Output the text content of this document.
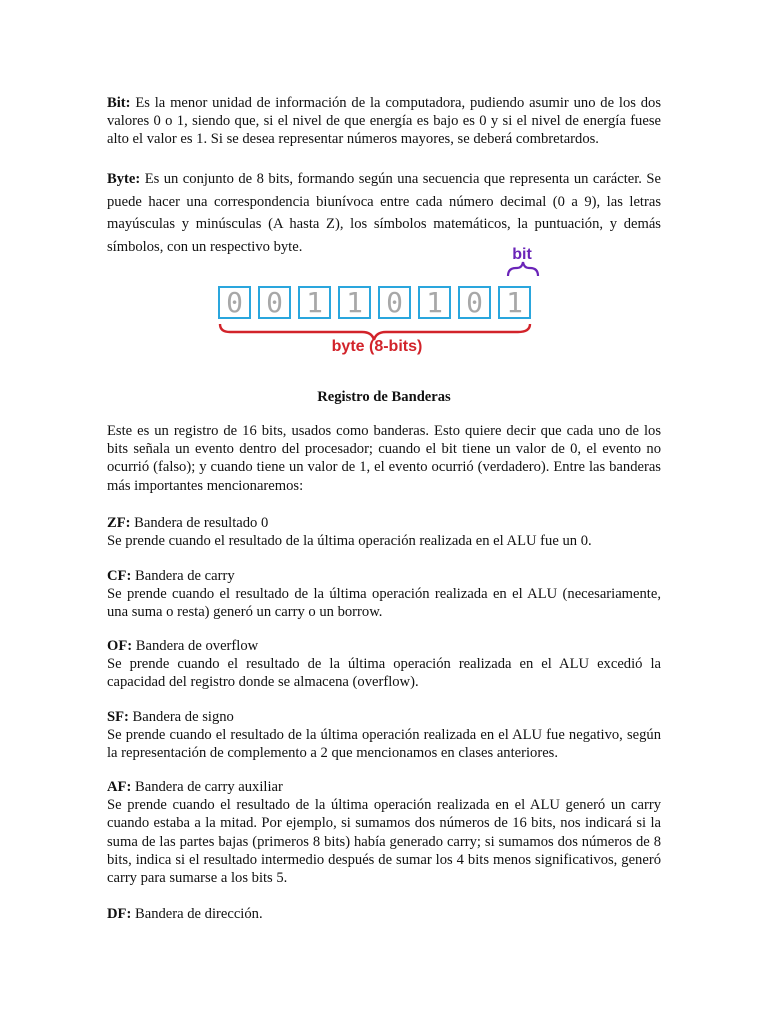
Bit: Es la menor unidad de información de la computadora, pudiendo asumir uno de los dos valores 0 o 1, siendo que, si el nivel de que energía es bajo es 0 y si el nivel de energía fuese alto el valor es 1. Si se desea representar números mayores, se deberá combretardos.

Byte: Es un conjunto de 8 bits, formando según una secuencia que representa un carácter. Se puede hacer una correspondencia biunívoca entre cada número decimal (0 a 9), las letras mayúsculas y minúsculas (A hasta Z), los símbolos matemáticos, la puntuación, y demás símbolos, con un respectivo byte.	bit
0 0 1 1 0 1 0 1
byte (8-bits)
Registro de Banderas

Este es un registro de 16 bits, usados como banderas. Esto quiere decir que cada uno de los bits señala un evento dentro del procesador; cuando el bit tiene un valor de 0, el evento no ocurrió (falso); y cuando tiene un valor de 1, el evento ocurrió (verdadero). Entre las banderas más importantes mencionaremos:

ZF: Bandera de resultado 0
Se prende cuando el resultado de la última operación realizada en el ALU fue un 0.

CF: Bandera de carry
Se prende cuando el resultado de la última operación realizada en el ALU (necesariamente, una suma o resta) generó un carry o un borrow.

OF: Bandera de overflow
Se prende cuando el resultado de la última operación realizada en el ALU excedió la capacidad del registro donde se almacena (overflow).

SF: Bandera de signo
Se prende cuando el resultado de la última operación realizada en el ALU fue negativo, según la representación de complemento a 2 que mencionamos en clases anteriores.

AF: Bandera de carry auxiliar
Se prende cuando el resultado de la última operación realizada en el ALU generó un carry cuando estaba a la mitad. Por ejemplo, si sumamos dos números de 16 bits, nos indicará si la suma de las partes bajas (primeros 8 bits) había generado carry; si sumamos dos números de 8 bits, indica si el resultado intermedio después de sumar los 4 bits menos significativos, generó carry para sumarse a los bits 5.

DF: Bandera de dirección.
